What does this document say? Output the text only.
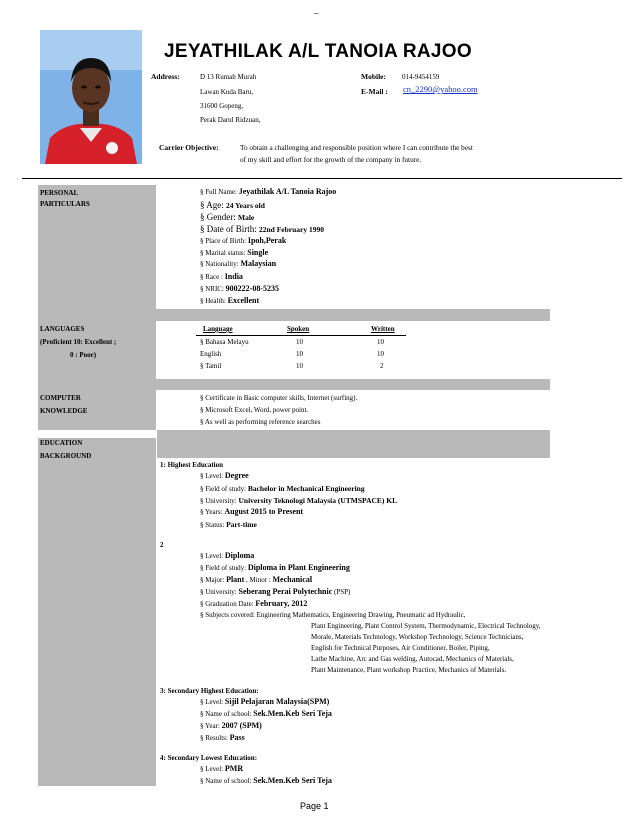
–
JEYATHILAK A/L TANOIA RAJOO
Address:	D 13 Rumah Murah
Lawan Kuda Baru,
31600 Gopeng,
Perak Darul Ridzuan,
Mobile: 014-9454159
E-Mail : cn_2290@yahoo.com
Carrier Objective:	To obtain a challenging and responsible position where I can contribute the best
of my skill and effort for the growth of the company in future.
PERSONAL
PARTICULARS
§ Full Name: Jeyathilak A/L Tanoia Rajoo
§ Age: 24 Years old
§ Gender: Male
§ Date of Birth: 22nd February 1990
§ Place of Birth: Ipoh,Perak
§ Marital status: Single
§ Nationality: Malaysian
§ Race : India
§ NRIC: 900222-08-5235
§ Health: Excellent
LANGUAGES
(Proficient 10: Excellent ;
0 : Poor)
Language	Spoken	Written
§ Bahasa Melayu	10	10
English	10	10
§ Tamil	10	2
COMPUTER
KNOWLEDGE
§ Certificate in Basic computer skills, Internet (surfing).
§ Microsoft Excel, Word, power point.
§ As well as performing reference searches
EDUCATION
BACKGROUND
1: Highest Education
§ Level: Degree
§ Field of study: Bachelor in Mechanical Engineering
§ University: University Teknologi Malaysia (UTMSPACE) KL
§ Years: August 2015 to Present
§ Status: Part-time
2
§ Level: Diploma
§ Field of study: Diploma in Plant Engineering
§ Major: Plant , Minor : Mechanical
§ University: Seberang Perai Polytechnic (PSP)
§ Graduation Date: February, 2012
§ Subjects covered: Engineering Mathematics, Engineering Drawing, Pneumatic ad Hydraulic,
Plant Engineering, Plant Control System, Thermodynamic, Electrical Technology,
Morale, Materials Technology, Workshop Technology, Science Technicians,
English for Technical Purposes, Air Conditioner, Boiler, Piping,
Lathe Machine, Arc and Gas welding, Autocad, Mechanics of Materials,
Plant Maintenance, Plant workshop Practice, Mechanics of Materials.
3: Secondary Highest Education:
§ Level: Sijil Pelajaran Malaysia(SPM)
§ Name of school: Sek.Men.Keb Seri Teja
§ Year: 2007 (SPM)
§ Results: Pass
4: Secondary Lowest Education:
§ Level: PMR
§ Name of school: Sek.Men.Keb Seri Teja
Page 1
